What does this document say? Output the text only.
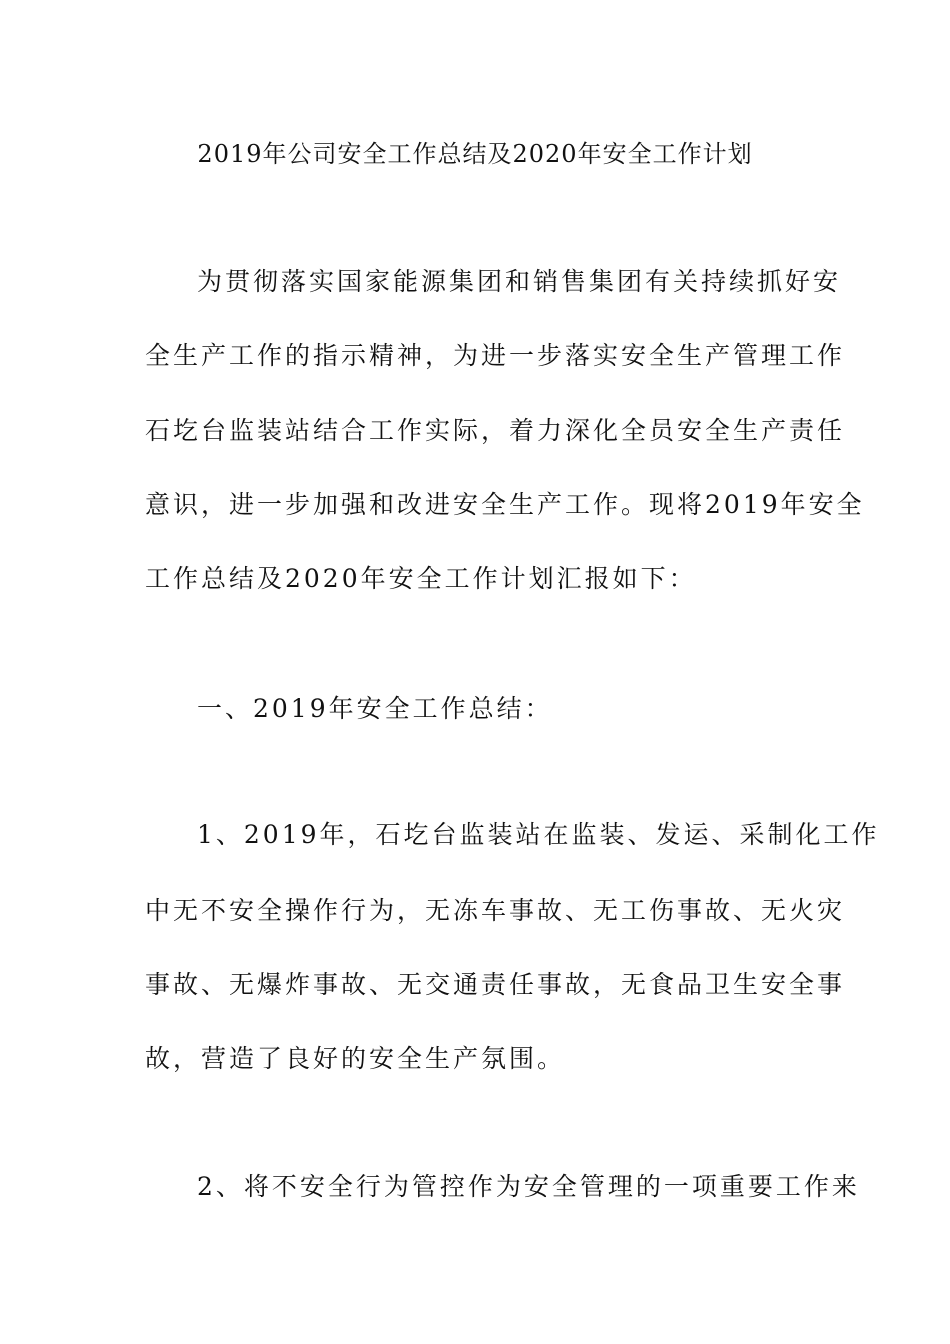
2019年公司安全工作总结及2020年安全工作计划
为贯彻落实国家能源集团和销售集团有关持续抓好安
全生产工作的指示精神，为进一步落实安全生产管理工作
石圪台监装站结合工作实际，着力深化全员安全生产责任
意识，进一步加强和改进安全生产工作。现将2019年安全
工作总结及2020年安全工作计划汇报如下：
一、2019年安全工作总结：
1、2019年，石圪台监装站在监装、发运、采制化工作
中无不安全操作行为，无冻车事故、无工伤事故、无火灾
事故、无爆炸事故、无交通责任事故，无食品卫生安全事
故，营造了良好的安全生产氛围。
2、将不安全行为管控作为安全管理的一项重要工作来
